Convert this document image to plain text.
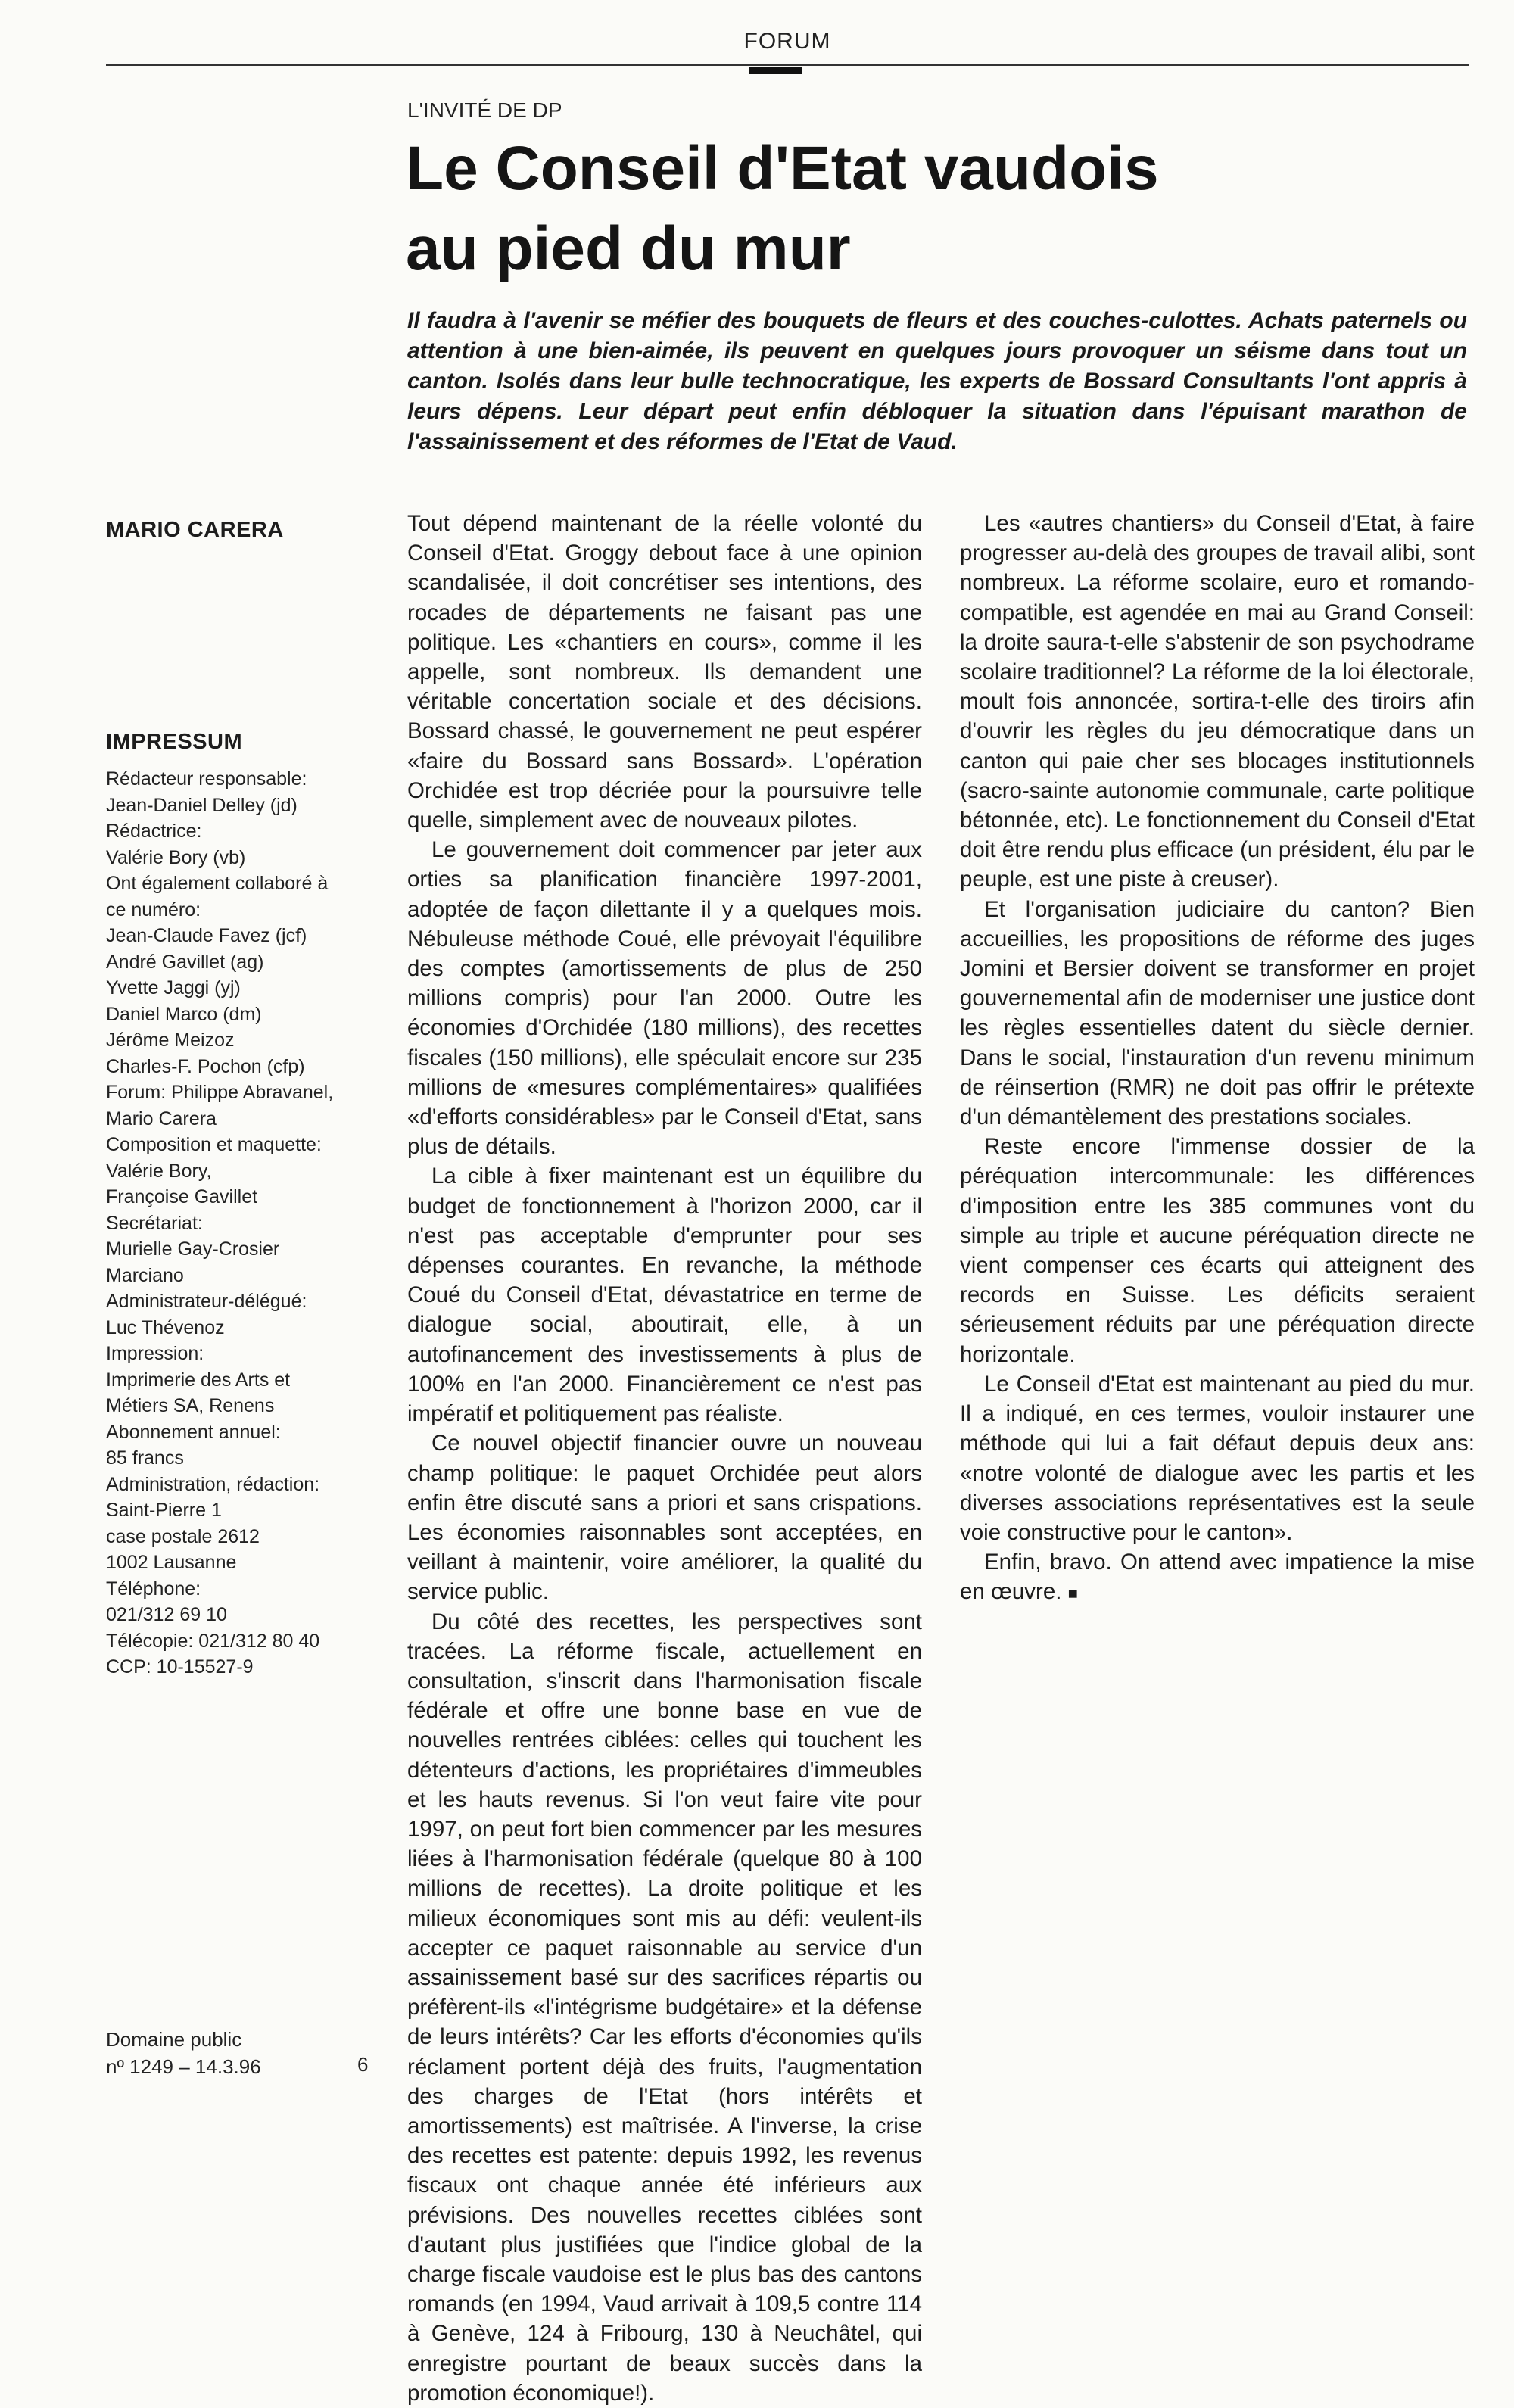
FORUM
L'INVITÉ DE DP
Le Conseil d'Etat vaudois
au pied du mur

Il faudra à l'avenir se méfier des bouquets de fleurs et des couches-culottes. Achats paternels ou attention à une bien-aimée, ils peuvent en quelques jours provoquer un séisme dans tout un canton. Isolés dans leur bulle technocratique, les experts de Bossard Consultants l'ont appris à leurs dépens. Leur départ peut enfin débloquer la situation dans l'épuisant marathon de l'assainissement et des réformes de l'Etat de Vaud.

MARIO CARERA
IMPRESSUM
Rédacteur responsable:
Jean-Daniel Delley (jd)
Rédactrice:
Valérie Bory (vb)
Ont également collaboré à
ce numéro:
Jean-Claude Favez (jcf)
André Gavillet (ag)
Yvette Jaggi (yj)
Daniel Marco (dm)
Jérôme Meizoz
Charles-F. Pochon (cfp)
Forum: Philippe Abravanel,
Mario Carera
Composition et maquette:
Valérie Bory,
Françoise Gavillet
Secrétariat:
Murielle Gay-Crosier
Marciano
Administrateur-délégué:
Luc Thévenoz
Impression:
Imprimerie des Arts et
Métiers SA, Renens
Abonnement annuel:
85 francs
Administration, rédaction:
Saint-Pierre 1
case postale 2612
1002 Lausanne
Téléphone:
021/312 69 10
Télécopie: 021/312 80 40
CCP: 10-15527-9
Domaine public
nº 1249 – 14.3.96	6

Tout dépend maintenant de la réelle volonté du Conseil d'Etat. Groggy debout face à une opinion scandalisée, il doit concrétiser ses intentions, des rocades de départements ne faisant pas une politique. Les «chantiers en cours», comme il les appelle, sont nombreux. Ils demandent une véritable concertation sociale et des décisions. Bossard chassé, le gouvernement ne peut espérer «faire du Bossard sans Bossard». L'opération Orchidée est trop décriée pour la poursuivre telle quelle, simplement avec de nouveaux pilotes.

Le gouvernement doit commencer par jeter aux orties sa planification financière 1997-2001, adoptée de façon dilettante il y a quelques mois. Nébuleuse méthode Coué, elle prévoyait l'équilibre des comptes (amortissements de plus de 250 millions compris) pour l'an 2000. Outre les économies d'Orchidée (180 millions), des recettes fiscales (150 millions), elle spéculait encore sur 235 millions de «mesures complémentaires» qualifiées «d'efforts considérables» par le Conseil d'Etat, sans plus de détails.

La cible à fixer maintenant est un équilibre du budget de fonctionnement à l'horizon 2000, car il n'est pas acceptable d'emprunter pour ses dépenses courantes. En revanche, la méthode Coué du Conseil d'Etat, dévastatrice en terme de dialogue social, aboutirait, elle, à un autofinancement des investissements à plus de 100% en l'an 2000. Financièrement ce n'est pas impératif et politiquement pas réaliste.

Ce nouvel objectif financier ouvre un nouveau champ politique: le paquet Orchidée peut alors enfin être discuté sans a priori et sans crispations. Les économies raisonnables sont acceptées, en veillant à maintenir, voire améliorer, la qualité du service public.

Du côté des recettes, les perspectives sont tracées. La réforme fiscale, actuellement en consultation, s'inscrit dans l'harmonisation fiscale fédérale et offre une bonne base en vue de nouvelles rentrées ciblées: celles qui touchent les détenteurs d'actions, les propriétaires d'immeubles et les hauts revenus. Si l'on veut faire vite pour 1997, on peut fort bien commencer par les mesures liées à l'harmonisation fédérale (quelque 80 à 100 millions de recettes). La droite politique et les milieux économiques sont mis au défi: veulent-ils accepter ce paquet raisonnable au service d'un assainissement basé sur des sacrifices répartis ou préfèrent-ils «l'intégrisme budgétaire» et la défense de leurs intérêts? Car les efforts d'économies qu'ils réclament portent déjà des fruits, l'augmentation des charges de l'Etat (hors intérêts et amortissements) est maîtrisée. A l'inverse, la crise des recettes est patente: depuis 1992, les revenus fiscaux ont chaque année été inférieurs aux prévisions. Des nouvelles recettes ciblées sont d'autant plus justifiées que l'indice global de la charge fiscale vaudoise est le plus bas des cantons romands (en 1994, Vaud arrivait à 109,5 contre 114 à Genève, 124 à Fribourg, 130 à Neuchâtel, qui enregistre pourtant de beaux succès dans la promotion économique!).

Les «autres chantiers» du Conseil d'Etat, à faire progresser au-delà des groupes de travail alibi, sont nombreux. La réforme scolaire, euro et romando-compatible, est agendée en mai au Grand Conseil: la droite saura-t-elle s'abstenir de son psychodrame scolaire traditionnel? La réforme de la loi électorale, moult fois annoncée, sortira-t-elle des tiroirs afin d'ouvrir les règles du jeu démocratique dans un canton qui paie cher ses blocages institutionnels (sacro-sainte autonomie communale, carte politique bétonnée, etc). Le fonctionnement du Conseil d'Etat doit être rendu plus efficace (un président, élu par le peuple, est une piste à creuser).

Et l'organisation judiciaire du canton? Bien accueillies, les propositions de réforme des juges Jomini et Bersier doivent se transformer en projet gouvernemental afin de moderniser une justice dont les règles essentielles datent du siècle dernier. Dans le social, l'instauration d'un revenu minimum de réinsertion (RMR) ne doit pas offrir le prétexte d'un démantèlement des prestations sociales.

Reste encore l'immense dossier de la péréquation intercommunale: les différences d'imposition entre les 385 communes vont du simple au triple et aucune péréquation directe ne vient compenser ces écarts qui atteignent des records en Suisse. Les déficits seraient sérieusement réduits par une péréquation directe horizontale.

Le Conseil d'Etat est maintenant au pied du mur. Il a indiqué, en ces termes, vouloir instaurer une méthode qui lui a fait défaut depuis deux ans: «notre volonté de dialogue avec les partis et les diverses associations représentatives est la seule voie constructive pour le canton».

Enfin, bravo. On attend avec impatience la mise en œuvre. ■
